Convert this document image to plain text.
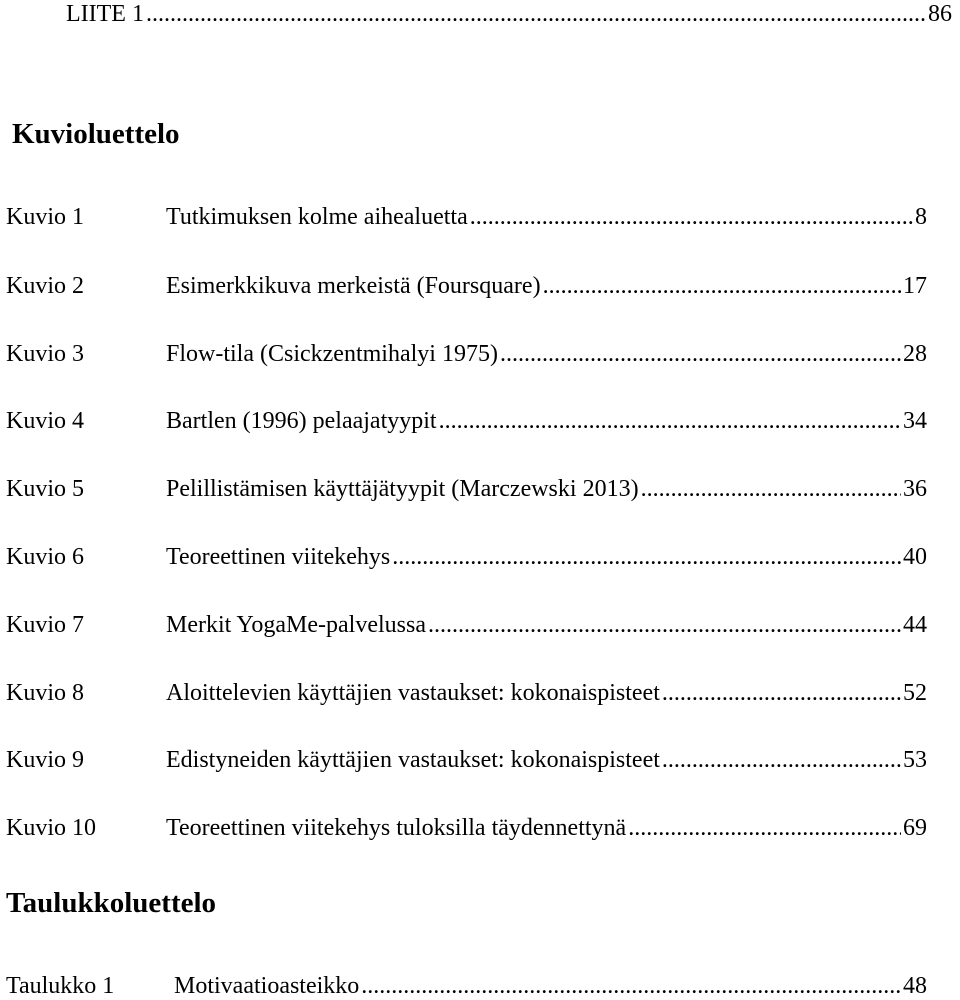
LIITE 1 .....	86
Kuvioluettelo
Kuvio 1	Tutkimuksen kolme aihealuetta .....	8
Kuvio 2	Esimerkkikuva merkeistä (Foursquare) .....	17
Kuvio 3	Flow-tila (Csickzentmihalyi 1975) .....	28
Kuvio 4	Bartlen (1996) pelaajatyypit .....	34
Kuvio 5	Pelillistämisen käyttäjätyypit (Marczewski 2013) .....	36
Kuvio 6	Teoreettinen viitekehys .....	40
Kuvio 7	Merkit YogaMe-palvelussa .....	44
Kuvio 8	Aloittelevien käyttäjien vastaukset: kokonaispisteet .....	52
Kuvio 9	Edistyneiden käyttäjien vastaukset: kokonaispisteet .....	53
Kuvio 10	Teoreettinen viitekehys tuloksilla täydennettynä .....	69
Taulukkoluettelo
Taulukko 1	Motivaatioasteikko .....	48
